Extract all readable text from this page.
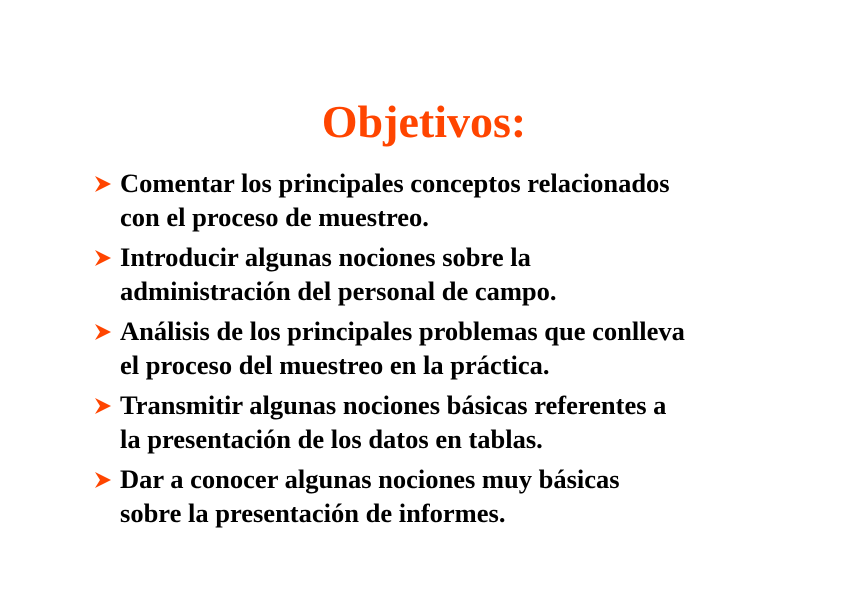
Objetivos:
Comentar los principales conceptos relacionados
con el proceso de muestreo.
Introducir algunas nociones sobre la
administración del personal de campo.
Análisis de los principales problemas que conlleva
el proceso del muestreo en la práctica.
Transmitir algunas nociones básicas referentes a
la presentación de los datos en tablas.
Dar a conocer algunas nociones muy básicas
sobre la presentación de informes.
